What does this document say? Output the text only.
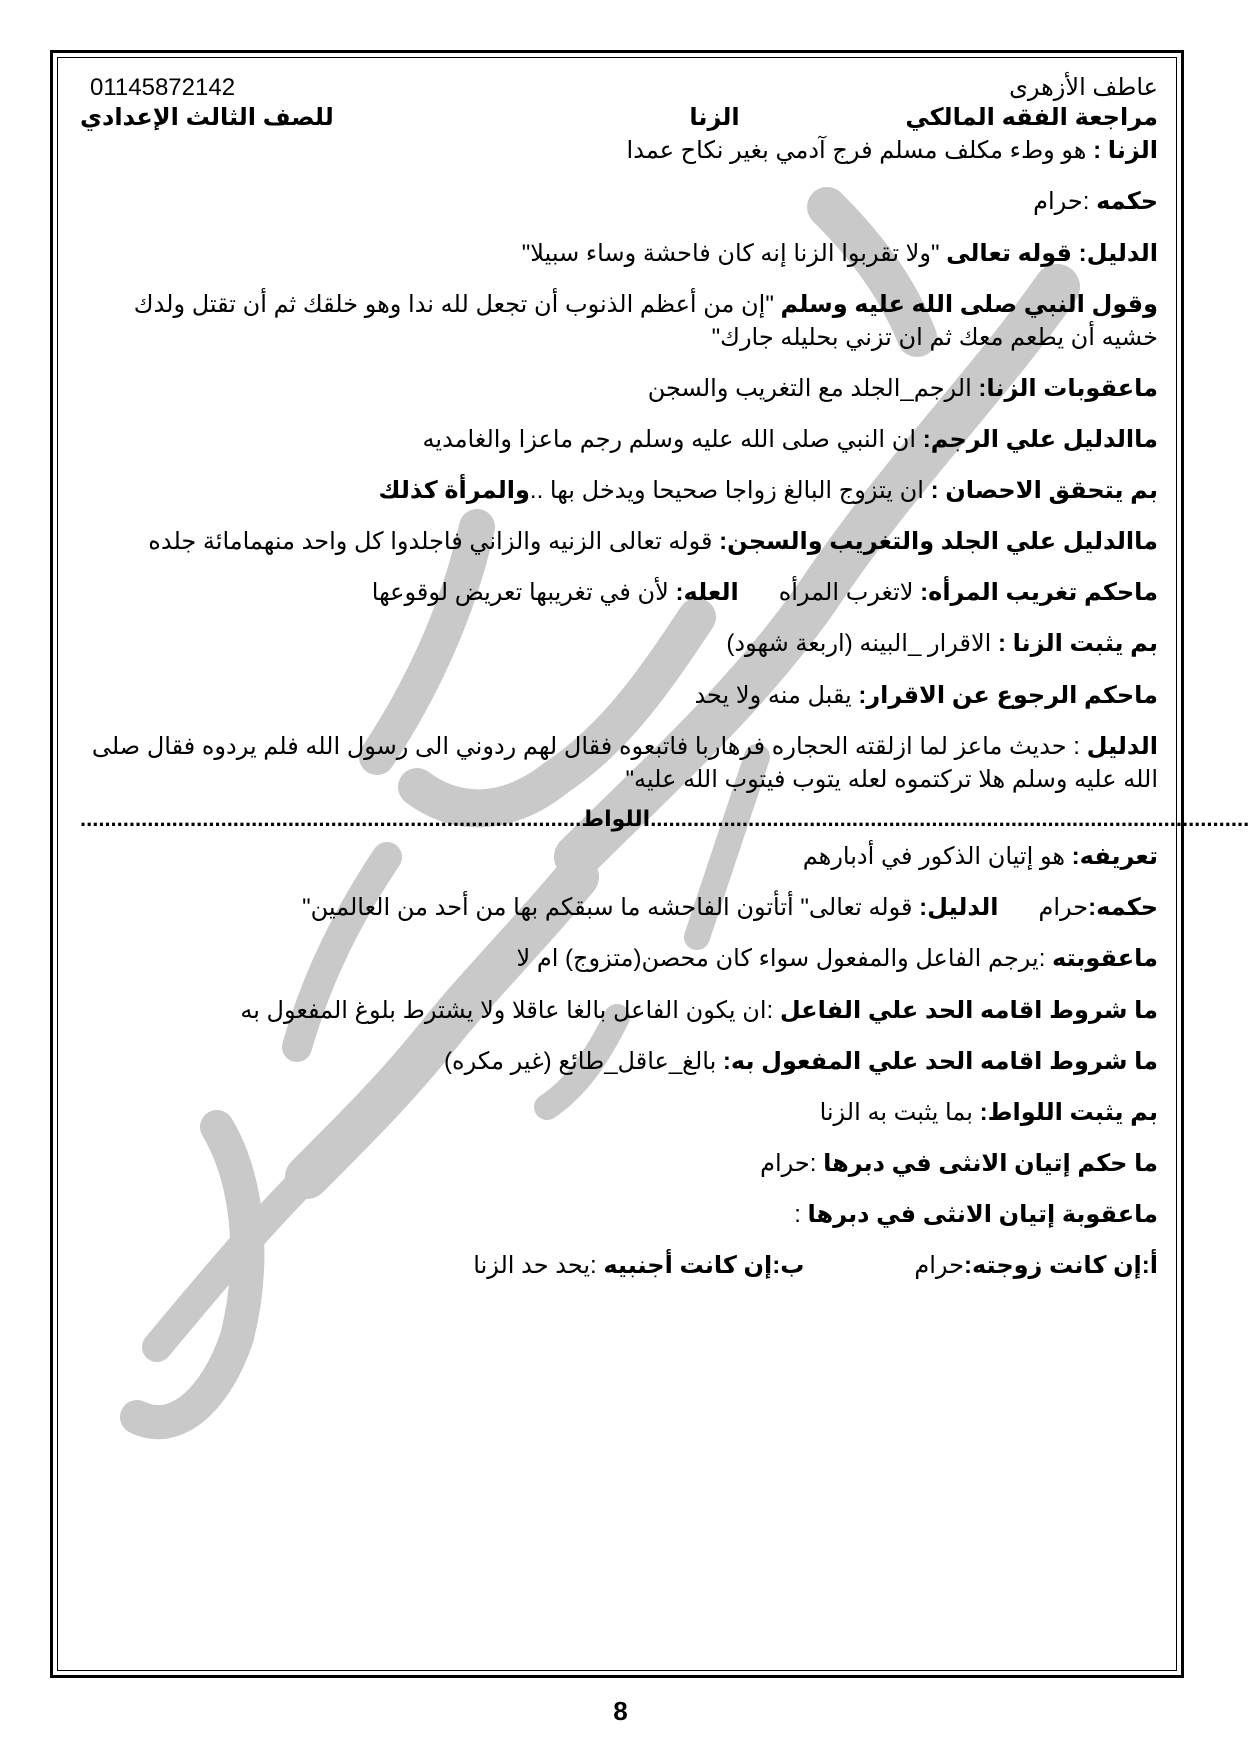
عاطف الأزهرى
01145872142
مراجعة الفقه المالكي
الزنا
للصف الثالث الإعدادي

الزنا : هو وطء مكلف مسلم فرج آدمي بغير نكاح عمدا

حكمه :حرام

الدليل: قوله تعالى "ولا تقربوا الزنا إنه كان فاحشة وساء سبيلا"

وقول النبي صلى الله عليه وسلم "إن من أعظم الذنوب أن تجعل لله ندا وهو خلقك ثم أن تقتل ولدك خشيه أن يطعم معك ثم ان تزني بحليله جارك"

ماعقوبات الزنا: الرجم_الجلد مع التغريب والسجن

ماالدليل علي الرجم: ان النبي صلى الله عليه وسلم رجم ماعزا والغامديه

بم يتحقق الاحصان : ان يتزوج البالغ زواجا صحيحا ويدخل بها ..والمرأة كذلك

ماالدليل علي الجلد والتغريب والسجن: قوله تعالى الزنيه والزاني فاجلدوا كل واحد منهمامائة جلده

ماحكم تغريب المرأه: لاتغرب المرأهالعله: لأن في تغريبها تعريض لوقوعها

بم يثبت الزنا : الاقرار _البينه (اربعة شهود)

ماحكم الرجوع عن الاقرار: يقبل منه ولا يحد

الدليل : حديث ماعز لما ازلقته الحجاره فرهاربا فاتبعوه فقال لهم ردوني الى رسول الله فلم يردوه فقال صلى الله عليه وسلم هلا تركتموه لعله يتوب فيتوب الله عليه"

..................................................................................اللواط..................................................................................................

تعريفه: هو إتيان الذكور في أدبارهم

حكمه:حرامالدليل: قوله تعالى" أتأتون الفاحشه ما سبقكم بها من أحد من العالمين"

ماعقوبته :يرجم الفاعل والمفعول سواء كان محصن(متزوج) ام لا

ما شروط اقامه الحد علي الفاعل :ان يكون الفاعل بالغا عاقلا ولا يشترط بلوغ المفعول به

ما شروط اقامه الحد علي المفعول به: بالغ_عاقل_طائع (غير مكره)

بم يثبت اللواط: بما يثبت به الزنا

ما حكم إتيان الانثى في دبرها :حرام

ماعقوبة إتيان الانثى في دبرها :

أ:إن كانت زوجته:حرامب:إن كانت أجنبيه :يحد حد الزنا

8
